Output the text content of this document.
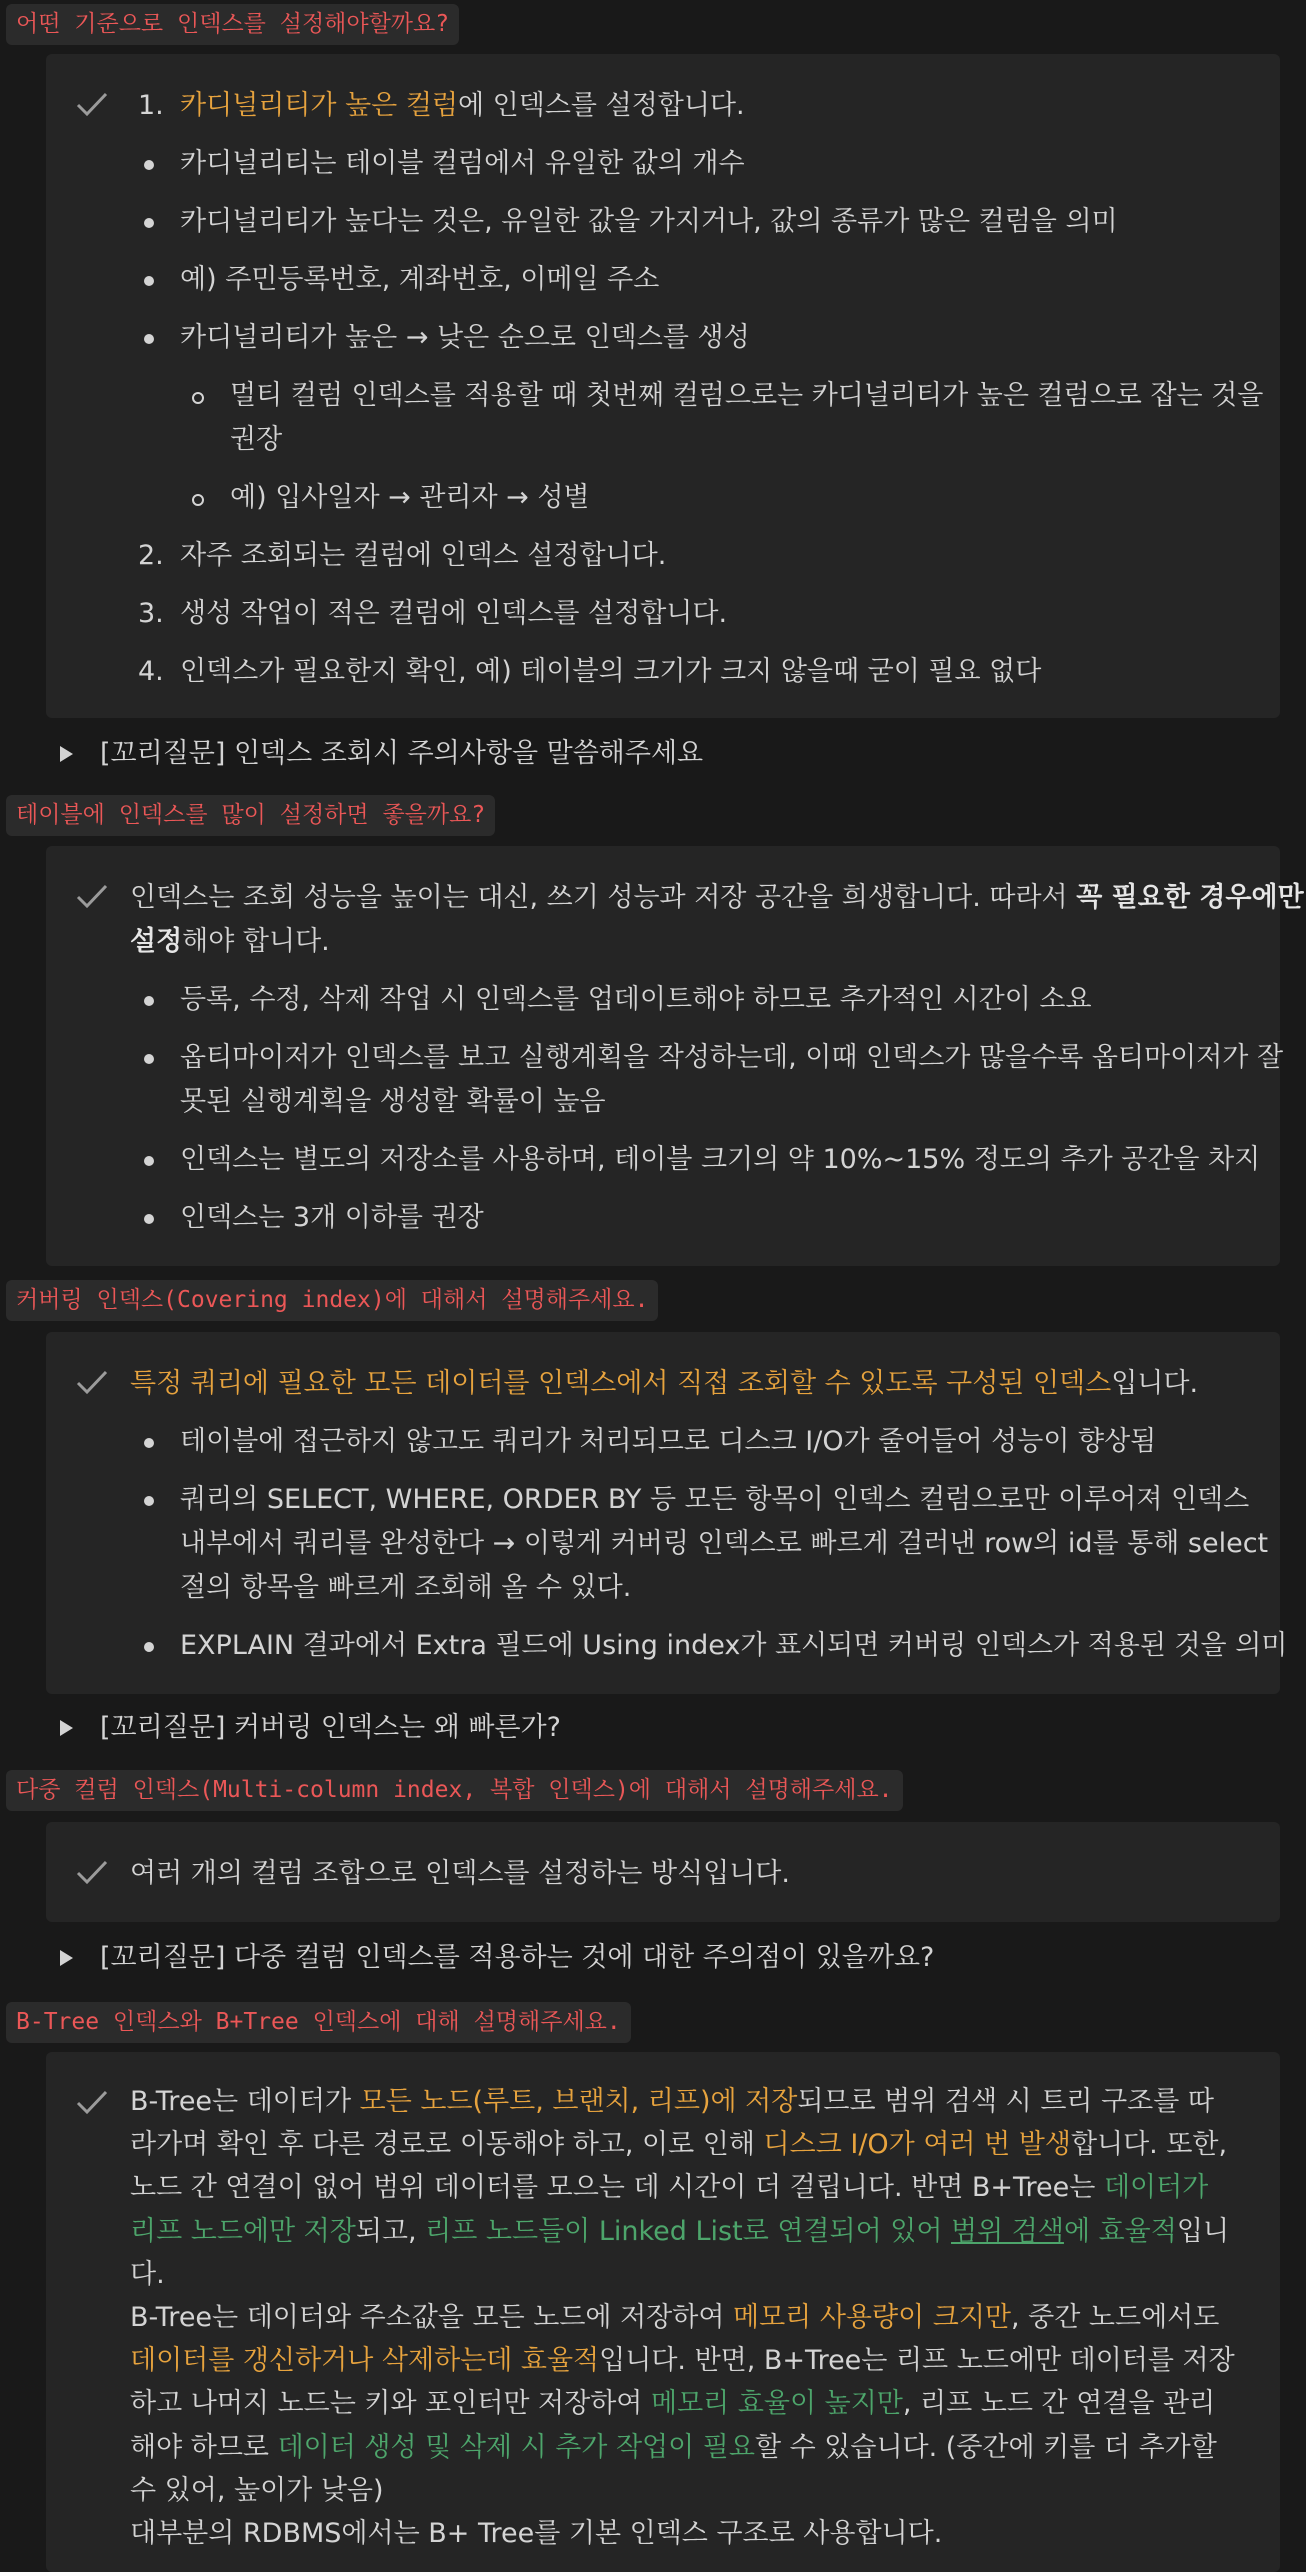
어떤 기준으로 인덱스를 설정해야할까요?
1. 카디널리티가 높은 컬럼에 인덱스를 설정합니다.
카디널리티는 테이블 컬럼에서 유일한 값의 개수
카디널리티가 높다는 것은, 유일한 값을 가지거나, 값의 종류가 많은 컬럼을 의미
예) 주민등록번호, 계좌번호, 이메일 주소
카디널리티가 높은 → 낮은 순으로 인덱스를 생성
멀티 컬럼 인덱스를 적용할 때 첫번째 컬럼으로는 카디널리티가 높은 컬럼으로 잡는 것을
권장
예) 입사일자 → 관리자 → 성별
2. 자주 조회되는 컬럼에 인덱스 설정합니다.
3. 생성 작업이 적은 컬럼에 인덱스를 설정합니다.
4. 인덱스가 필요한지 확인, 예) 테이블의 크기가 크지 않을때 굳이 필요 없다
[꼬리질문] 인덱스 조회시 주의사항을 말씀해주세요
테이블에 인덱스를 많이 설정하면 좋을까요?
인덱스는 조회 성능을 높이는 대신, 쓰기 성능과 저장 공간을 희생합니다. 따라서 꼭 필요한 경우에만
설정해야 합니다.
등록, 수정, 삭제 작업 시 인덱스를 업데이트해야 하므로 추가적인 시간이 소요
옵티마이저가 인덱스를 보고 실행계획을 작성하는데, 이때 인덱스가 많을수록 옵티마이저가 잘
못된 실행계획을 생성할 확률이 높음
인덱스는 별도의 저장소를 사용하며, 테이블 크기의 약 10%~15% 정도의 추가 공간을 차지
인덱스는 3개 이하를 권장
커버링 인덱스(Covering index)에 대해서 설명해주세요.
특정 쿼리에 필요한 모든 데이터를 인덱스에서 직접 조회할 수 있도록 구성된 인덱스입니다.
테이블에 접근하지 않고도 쿼리가 처리되므로 디스크 I/O가 줄어들어 성능이 향상됨
쿼리의 SELECT, WHERE, ORDER BY 등 모든 항목이 인덱스 컬럼으로만 이루어져 인덱스
내부에서 쿼리를 완성한다 → 이렇게 커버링 인덱스로 빠르게 걸러낸 row의 id를 통해 select
절의 항목을 빠르게 조회해 올 수 있다.
EXPLAIN 결과에서 Extra 필드에 Using index가 표시되면 커버링 인덱스가 적용된 것을 의미
[꼬리질문] 커버링 인덱스는 왜 빠른가?
다중 컬럼 인덱스(Multi-column index, 복합 인덱스)에 대해서 설명해주세요.
여러 개의 컬럼 조합으로 인덱스를 설정하는 방식입니다.
[꼬리질문] 다중 컬럼 인덱스를 적용하는 것에 대한 주의점이 있을까요?
B-Tree 인덱스와 B+Tree 인덱스에 대해 설명해주세요.
B-Tree는 데이터가 모든 노드(루트, 브랜치, 리프)에 저장되므로 범위 검색 시 트리 구조를 따라가며 확인 후 다른 경로로 이동해야 하고, 이로 인해 디스크 I/O가 여러 번 발생합니다. 또한, 노드 간 연결이 없어 범위 데이터를 모으는 데 시간이 더 걸립니다. 반면 B+Tree는 데이터가 리프 노드에만 저장되고, 리프 노드들이 Linked List로 연결되어 있어 범위 검색에 효율적입니다.
B-Tree는 데이터와 주소값을 모든 노드에 저장하여 메모리 사용량이 크지만, 중간 노드에서도 데이터를 갱신하거나 삭제하는데 효율적입니다. 반면, B+Tree는 리프 노드에만 데이터를 저장하고 나머지 노드는 키와 포인터만 저장하여 메모리 효율이 높지만, 리프 노드 간 연결을 관리해야 하므로 데이터 생성 및 삭제 시 추가 작업이 필요할 수 있습니다. (중간에 키를 더 추가할 수 있어, 높이가 낮음)
대부분의 RDBMS에서는 B+ Tree를 기본 인덱스 구조로 사용합니다.
